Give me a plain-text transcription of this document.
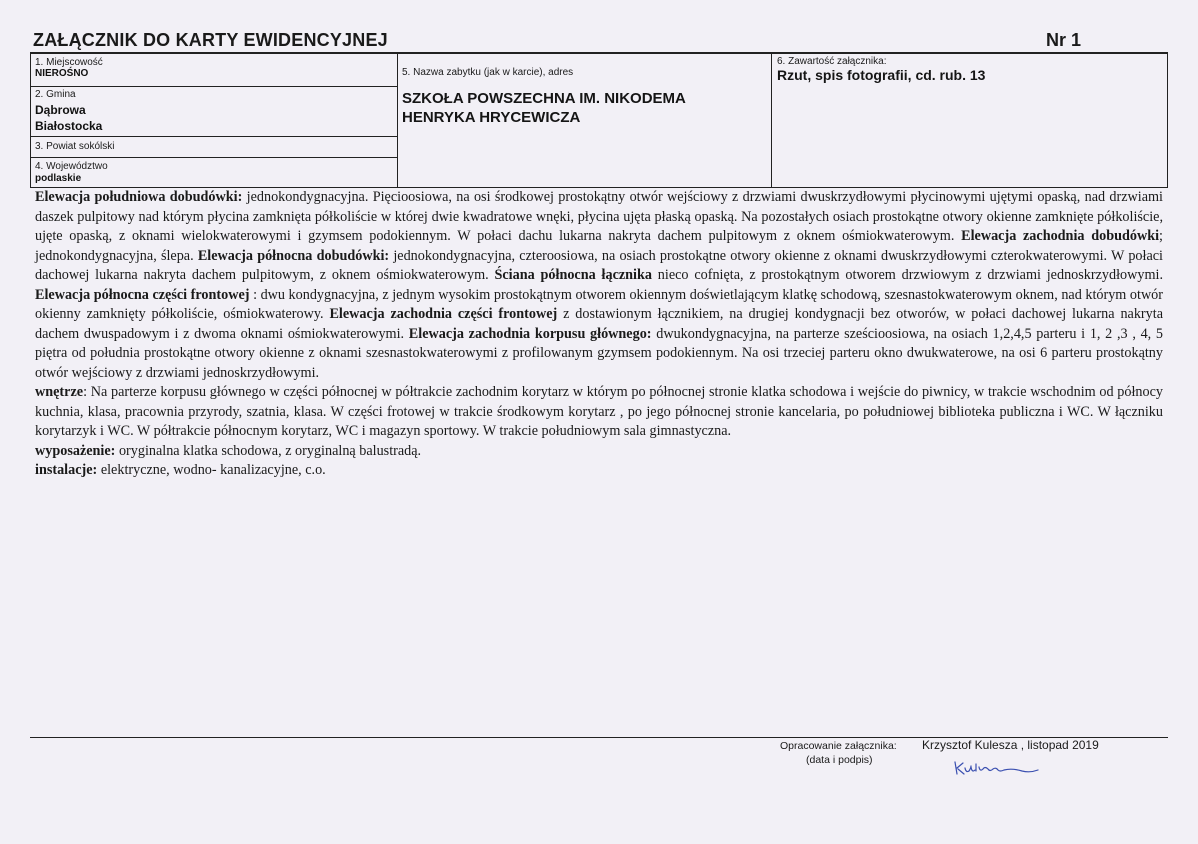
ZAŁĄCZNIK DO KARTY EWIDENCYJNEJ	Nr 1
1. Miejscowość
NIEROŚNO
2. Gmina
Dąbrowa
Białostocka
3. Powiat sokólski
4. Województwo
podlaskie
5. Nazwa zabytku (jak w karcie), adres
SZKOŁA POWSZECHNA IM. NIKODEMA
HENRYKA HRYCEWICZA
6. Zawartość załącznika:
Rzut, spis fotografii, cd. rub. 13

Elewacja południowa dobudówki: jednokondygnacyjna. Pięcioosiowa, na osi środkowej prostokątny otwór wejściowy z drzwiami dwuskrzydłowymi płycinowymi ujętymi opaską, nad drzwiami daszek pulpitowy nad którym płycina zamknięta półkoliście w której dwie kwadratowe wnęki, płycina ujęta płaską opaską. Na pozostałych osiach prostokątne otwory okienne zamknięte półkoliście, ujęte opaską, z oknami wielokwaterowymi i gzymsem podokiennym. W połaci dachu lukarna nakryta dachem pulpitowym z oknem ośmiokwaterowym. Elewacja zachodnia dobudówki; jednokondygnacyjna, ślepa. Elewacja północna dobudówki: jednokondygnacyjna, czteroosiowa, na osiach prostokątne otwory okienne z oknami dwuskrzydłowymi czterokwaterowymi. W połaci dachowej lukarna nakryta dachem pulpitowym, z oknem ośmiokwaterowym. Ściana północna łącznika nieco cofnięta, z prostokątnym otworem drzwiowym z drzwiami jednoskrzydłowymi. Elewacja północna części frontowej : dwu kondygnacyjna, z jednym wysokim prostokątnym otworem okiennym doświetlającym klatkę schodową, szesnastokwaterowym oknem, nad którym otwór okienny zamknięty półkoliście, ośmiokwaterowy. Elewacja zachodnia części frontowej z dostawionym łącznikiem, na drugiej kondygnacji bez otworów, w połaci dachowej lukarna nakryta dachem dwuspadowym i z dwoma oknami ośmiokwaterowymi. Elewacja zachodnia korpusu głównego: dwukondygnacyjna, na parterze sześcioosiowa, na osiach 1,2,4,5 parteru i 1, 2 ,3 , 4, 5 piętra od południa prostokątne otwory okienne z oknami szesnastokwaterowymi z profilowanym gzymsem podokiennym. Na osi trzeciej parteru okno dwukwaterowe, na osi 6 parteru prostokątny otwór wejściowy z drzwiami jednoskrzydłowymi.

wnętrze: Na parterze korpusu głównego w części północnej w półtrakcie zachodnim korytarz w którym po północnej stronie klatka schodowa i wejście do piwnicy, w trakcie wschodnim od północy kuchnia, klasa, pracownia przyrody, szatnia, klasa. W części frotowej w trakcie środkowym korytarz , po jego północnej stronie kancelaria, po południowej biblioteka publiczna i WC. W łączniku korytarzyk i WC. W półtrakcie północnym korytarz, WC i magazyn sportowy. W trakcie południowym sala gimnastyczna.

wyposażenie: oryginalna klatka schodowa, z oryginalną balustradą.

instalacje: elektryczne, wodno- kanalizacyjne, c.o.

Opracowanie załącznika:
(data i podpis)
Krzysztof Kulesza , listopad 2019
